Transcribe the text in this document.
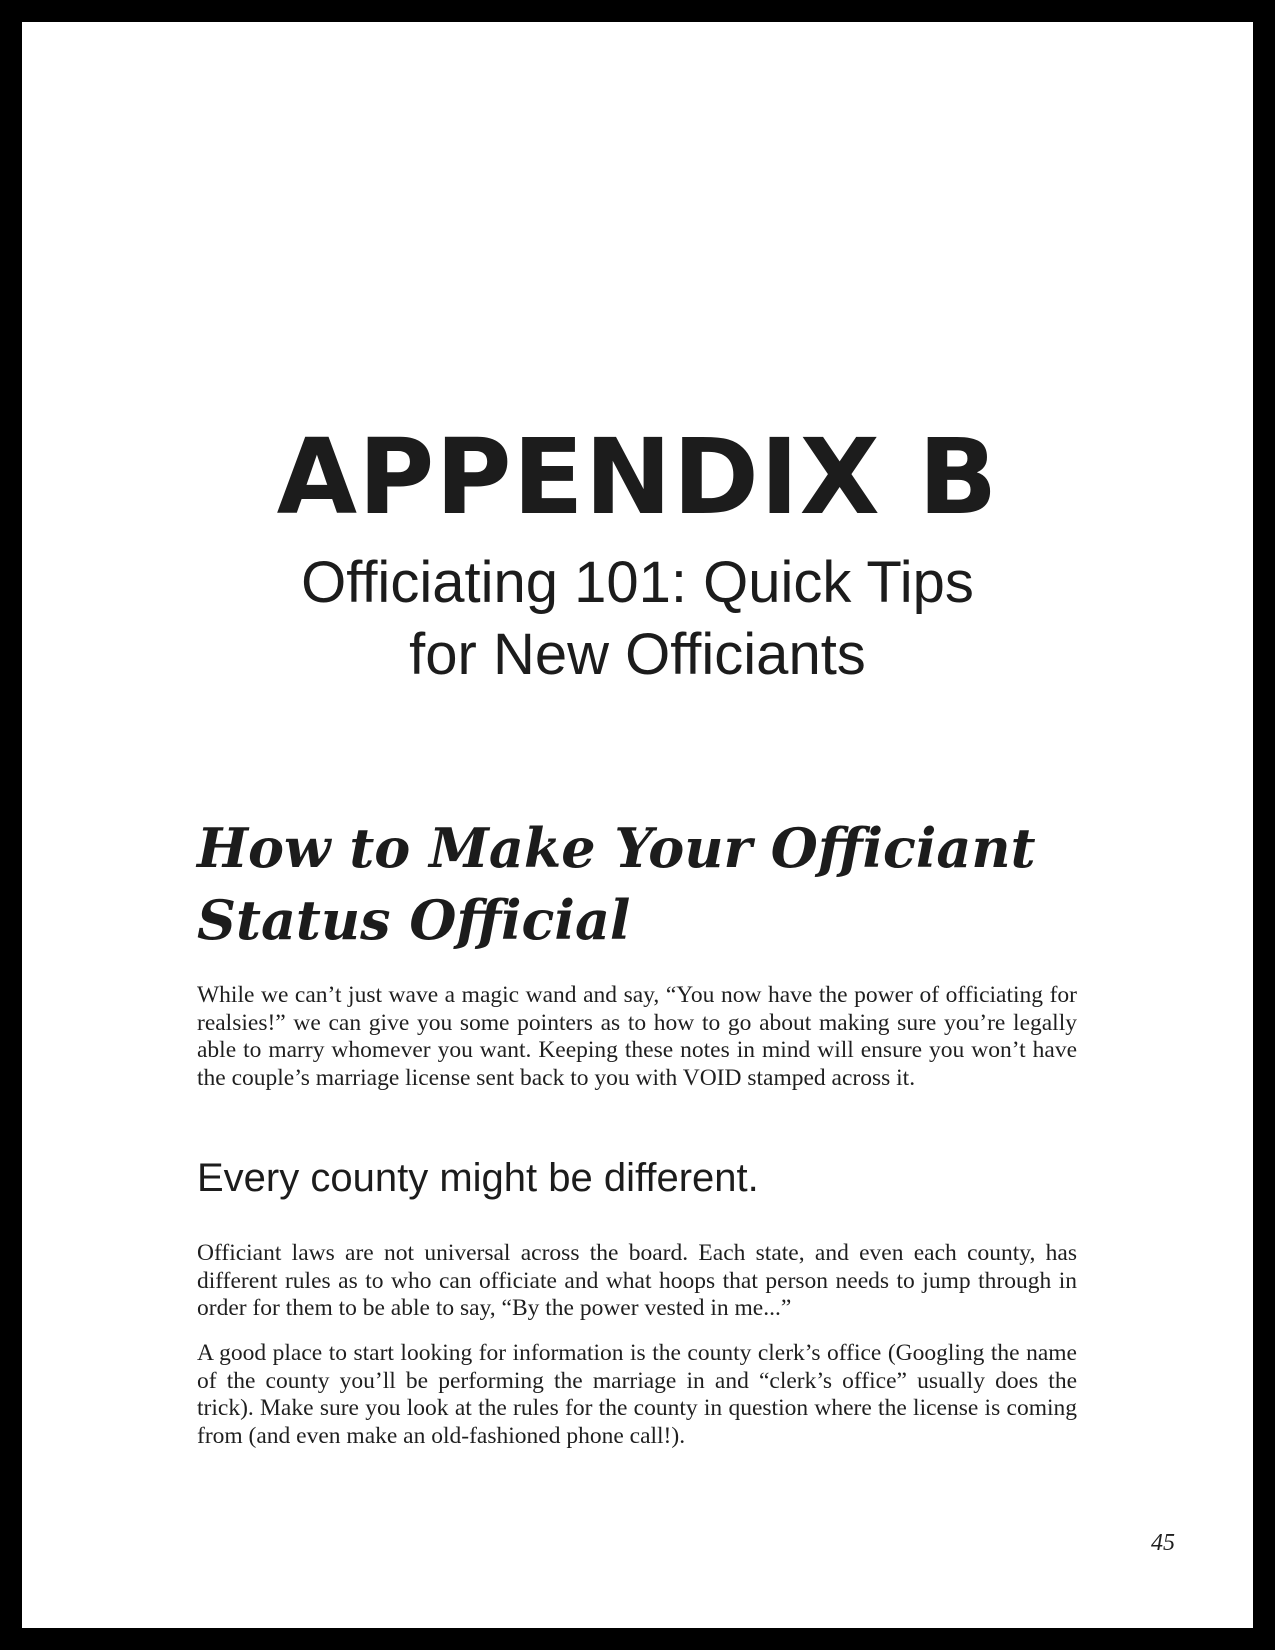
APPENDIX B
Officiating 101: Quick Tips
for New Officiants
How to Make Your Officiant
Status Official

While we can’t just wave a magic wand and say, “You now have the power of officiating for realsies!” we can give you some pointers as to how to go about making sure you’re legally able to marry whomever you want. Keeping these notes in mind will ensure you won’t have the couple’s marriage license sent back to you with VOID stamped across it.

Every county might be different.

Officiant laws are not universal across the board. Each state, and even each county, has different rules as to who can officiate and what hoops that person needs to jump through in order for them to be able to say, “By the power vested in me...”

A good place to start looking for information is the county clerk’s office (Googling the name of the county you’ll be performing the marriage in and “clerk’s office” usually does the trick). Make sure you look at the rules for the county in question where the license is coming from (and even make an old-fashioned phone call!).

45
